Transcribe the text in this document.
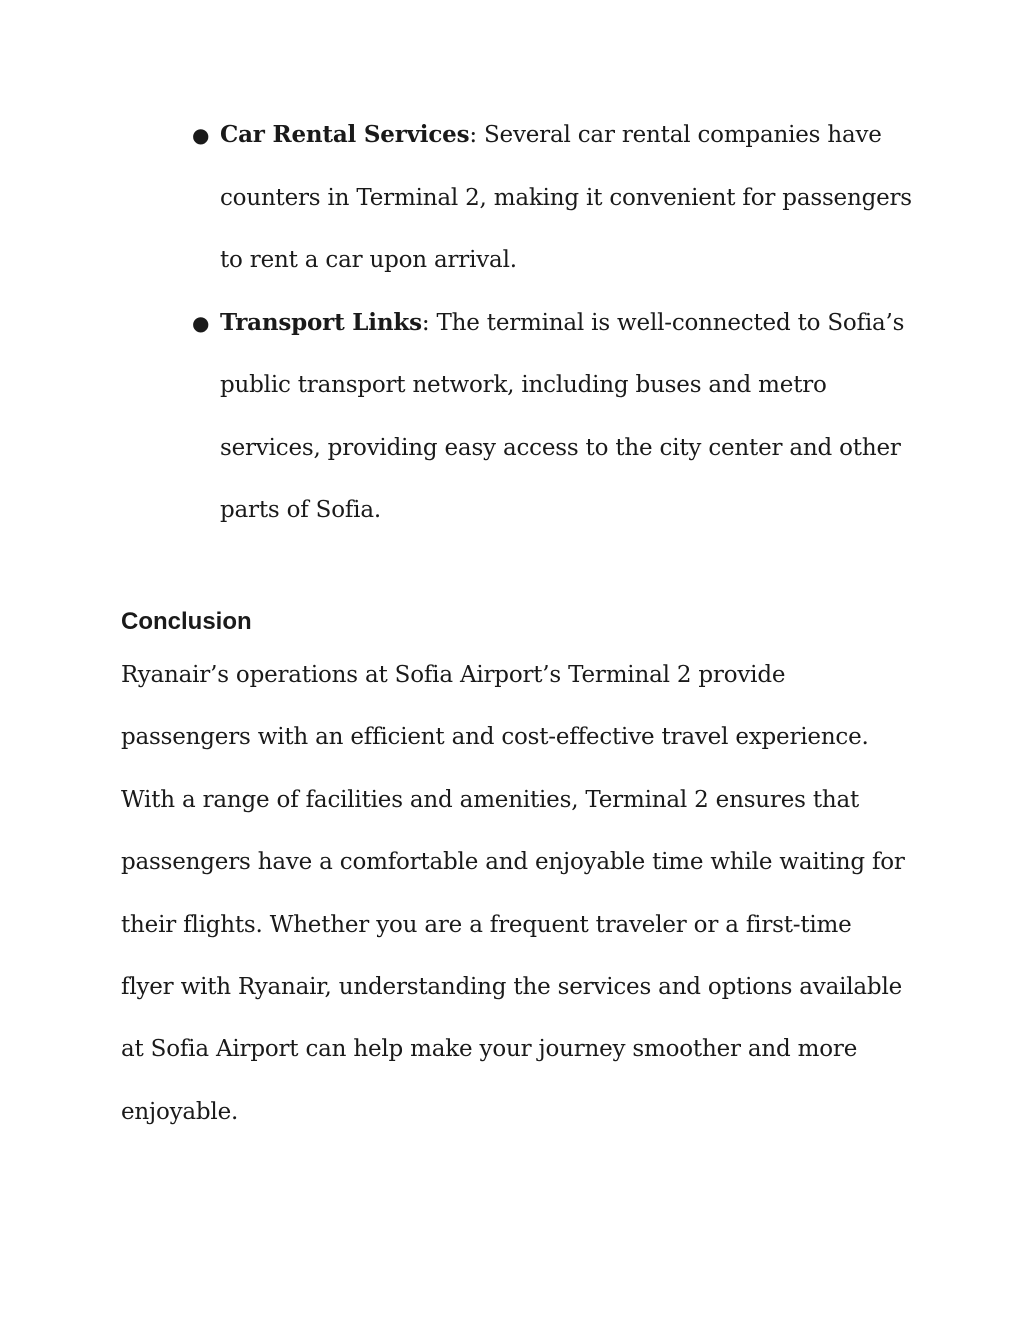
● Car Rental Services: Several car rental companies have counters in Terminal 2, making it convenient for passengers to rent a car upon arrival.
● Transport Links: The terminal is well-connected to Sofia’s public transport network, including buses and metro services, providing easy access to the city center and other parts of Sofia.
Conclusion

Ryanair’s operations at Sofia Airport’s Terminal 2 provide passengers with an efficient and cost-effective travel experience. With a range of facilities and amenities, Terminal 2 ensures that passengers have a comfortable and enjoyable time while waiting for their flights. Whether you are a frequent traveler or a first-time flyer with Ryanair, understanding the services and options available at Sofia Airport can help make your journey smoother and more enjoyable.
